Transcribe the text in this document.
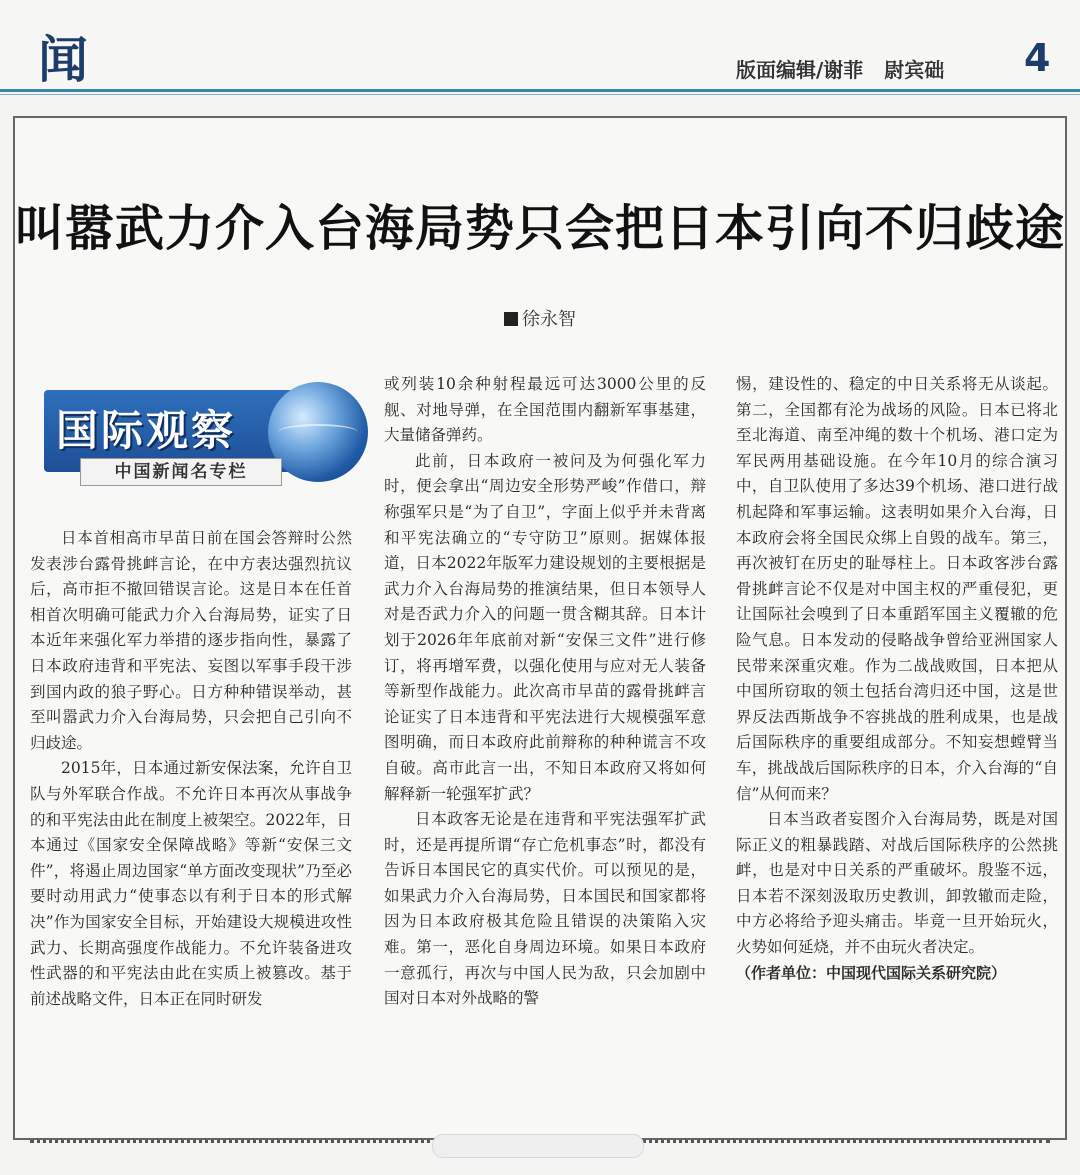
闻	版面编辑/谢菲 尉宾础 4
叫嚣武力介入台海局势只会把日本引向不归歧途
徐永智
国际观察
中国新闻名专栏

日本首相高市早苗日前在国会答辩时公然发表涉台露骨挑衅言论，在中方表达强烈抗议后，高市拒不撤回错误言论。这是日本在任首相首次明确可能武力介入台海局势，证实了日本近年来强化军力举措的逐步指向性，暴露了日本政府违背和平宪法、妄图以军事手段干涉到国内政的狼子野心。日方种种错误举动，甚至叫嚣武力介入台海局势，只会把自己引向不归歧途。

2015年，日本通过新安保法案，允许自卫队与外军联合作战。不允许日本再次从事战争的和平宪法由此在制度上被架空。2022年，日本通过《国家安全保障战略》等新“安保三文件”，将遏止周边国家“单方面改变现状”乃至必要时动用武力“使事态以有利于日本的形式解决”作为国家安全目标，开始建设大规模进攻性武力、长期高强度作战能力。不允许装备进攻性武器的和平宪法由此在实质上被篡改。基于前述战略文件，日本正在同时研发

或列装10余种射程最远可达3000公里的反舰、对地导弹，在全国范围内翻新军事基建，大量储备弹药。

此前，日本政府一被问及为何强化军力时，便会拿出“周边安全形势严峻”作借口，辩称强军只是“为了自卫”，字面上似乎并未背离和平宪法确立的“专守防卫”原则。据媒体报道，日本2022年版军力建设规划的主要根据是武力介入台海局势的推演结果，但日本领导人对是否武力介入的问题一贯含糊其辞。日本计划于2026年年底前对新“安保三文件”进行修订，将再增军费，以强化使用与应对无人装备等新型作战能力。此次高市早苗的露骨挑衅言论证实了日本违背和平宪法进行大规模强军意图明确，而日本政府此前辩称的种种谎言不攻自破。高市此言一出，不知日本政府又将如何解释新一轮强军扩武？

日本政客无论是在违背和平宪法强军扩武时，还是再提所谓“存亡危机事态”时，都没有告诉日本国民它的真实代价。可以预见的是，如果武力介入台海局势，日本国民和国家都将因为日本政府极其危险且错误的决策陷入灾难。第一，恶化自身周边环境。如果日本政府一意孤行，再次与中国人民为敌，只会加剧中国对日本对外战略的警

惕，建设性的、稳定的中日关系将无从谈起。第二，全国都有沦为战场的风险。日本已将北至北海道、南至冲绳的数十个机场、港口定为军民两用基础设施。在今年10月的综合演习中，自卫队使用了多达39个机场、港口进行战机起降和军事运输。这表明如果介入台海，日本政府会将全国民众绑上自毁的战车。第三，再次被钉在历史的耻辱柱上。日本政客涉台露骨挑衅言论不仅是对中国主权的严重侵犯，更让国际社会嗅到了日本重蹈军国主义覆辙的危险气息。日本发动的侵略战争曾给亚洲国家人民带来深重灾难。作为二战战败国，日本把从中国所窃取的领土包括台湾归还中国，这是世界反法西斯战争不容挑战的胜利成果，也是战后国际秩序的重要组成部分。不知妄想螳臂当车，挑战战后国际秩序的日本，介入台海的“自信”从何而来？

日本当政者妄图介入台海局势，既是对国际正义的粗暴践踏、对战后国际秩序的公然挑衅，也是对中日关系的严重破坏。殷鉴不远，日本若不深刻汲取历史教训，卸敦辙而走险，中方必将给予迎头痛击。毕竟一旦开始玩火，火势如何延烧，并不由玩火者决定。

（作者单位：中国现代国际关系研究院）
